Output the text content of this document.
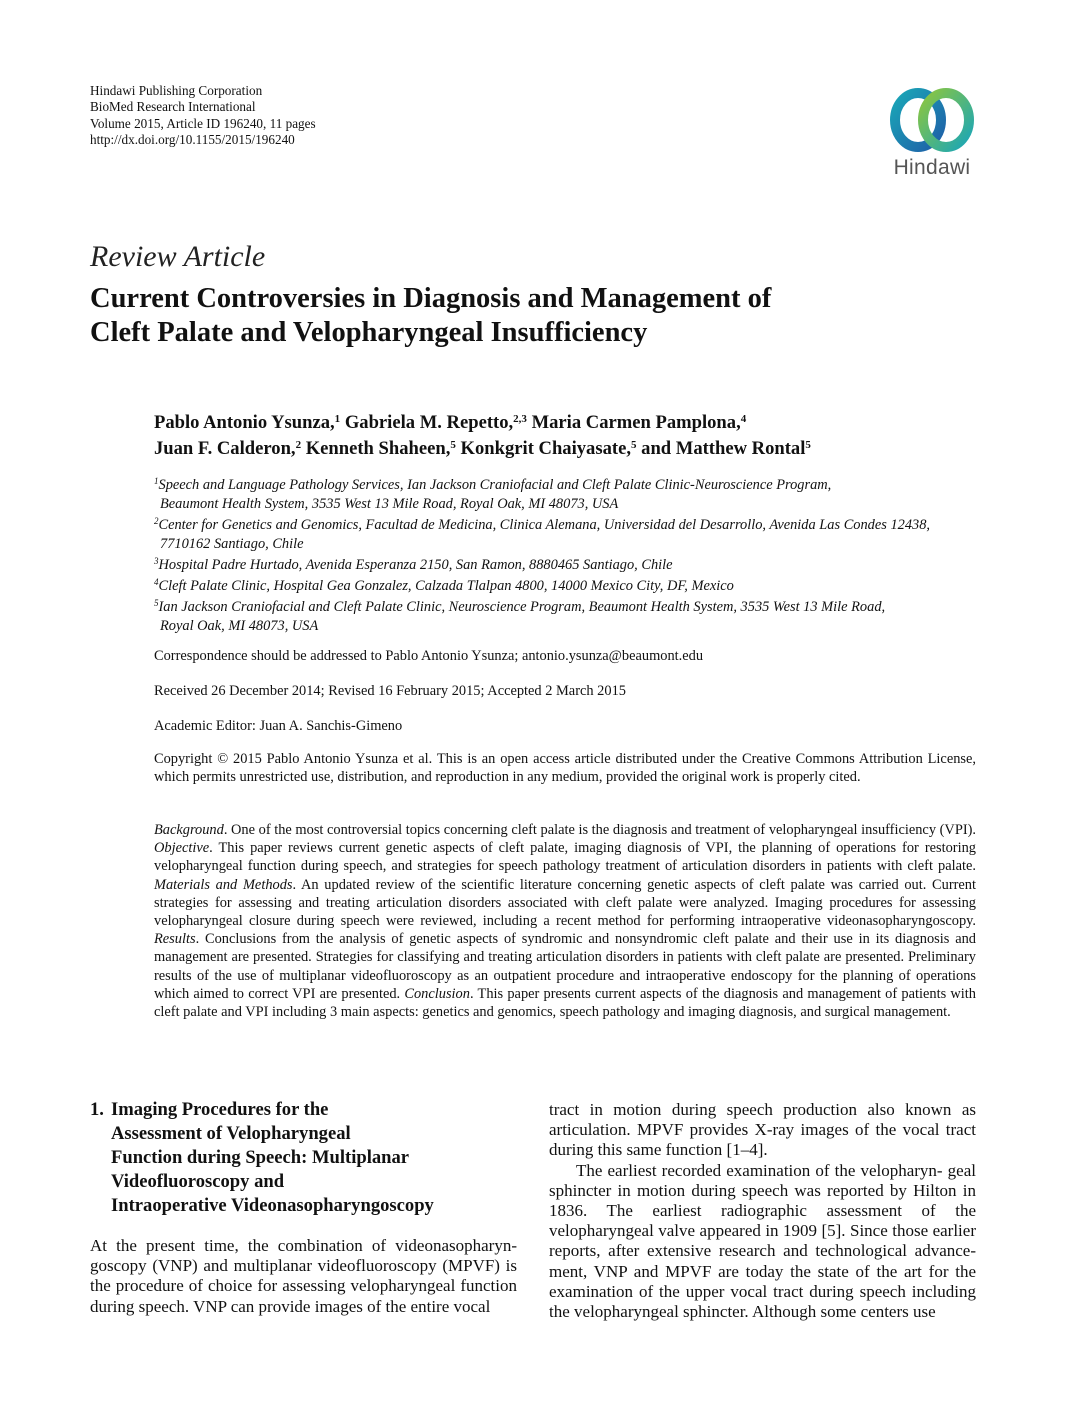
Hindawi Publishing Corporation
BioMed Research International
Volume 2015, Article ID 196240, 11 pages
http://dx.doi.org/10.1155/2015/196240
Hindawi
Review Article
Current Controversies in Diagnosis and Management of
Cleft Palate and Velopharyngeal Insufficiency
Pablo Antonio Ysunza,$^1$ Gabriela M. Repetto,$^{2,3}$ Maria Carmen Pamplona,$^4$
Juan F. Calderon,$^2$ Kenneth Shaheen,$^5$ Konkgrit Chaiyasate,$^5$ and Matthew Rontal$^5$
$^1$Speech and Language Pathology Services, Ian Jackson Craniofacial and Cleft Palate Clinic-Neuroscience Program,
Beaumont Health System, 3535 West 13 Mile Road, Royal Oak, MI 48073, USA
$^2$Center for Genetics and Genomics, Facultad de Medicina, Clinica Alemana, Universidad del Desarrollo, Avenida Las Condes 12438,
7710162 Santiago, Chile
$^3$Hospital Padre Hurtado, Avenida Esperanza 2150, San Ramon, 8880465 Santiago, Chile
$^4$Cleft Palate Clinic, Hospital Gea Gonzalez, Calzada Tlalpan 4800, 14000 Mexico City, DF, Mexico
$^5$Ian Jackson Craniofacial and Cleft Palate Clinic, Neuroscience Program, Beaumont Health System, 3535 West 13 Mile Road,
Royal Oak, MI 48073, USA
Correspondence should be addressed to Pablo Antonio Ysunza; antonio.ysunza@beaumont.edu
Received 26 December 2014; Revised 16 February 2015; Accepted 2 March 2015
Academic Editor: Juan A. Sanchis-Gimeno
Copyright © 2015 Pablo Antonio Ysunza et al. This is an open access article distributed under the Creative Commons Attribution License, which permits unrestricted use, distribution, and reproduction in any medium, provided the original work is properly cited.
Background. One of the most controversial topics concerning cleft palate is the diagnosis and treatment of velopharyngeal insufficiency (VPI). Objective. This paper reviews current genetic aspects of cleft palate, imaging diagnosis of VPI, the planning of operations for restoring velopharyngeal function during speech, and strategies for speech pathology treatment of articulation disorders in patients with cleft palate. Materials and Methods. An updated review of the scientific literature concerning genetic aspects of cleft palate was carried out. Current strategies for assessing and treating articulation disorders associated with cleft palate were analyzed. Imaging procedures for assessing velopharyngeal closure during speech were reviewed, including a recent method for performing intraoperative videonasopharyngoscopy. Results. Conclusions from the analysis of genetic aspects of syndromic and nonsyndromic cleft palate and their use in its diagnosis and management are presented. Strategies for classifying and treating articulation disorders in patients with cleft palate are presented. Preliminary results of the use of multiplanar videofluoroscopy as an outpatient procedure and intraoperative endoscopy for the planning of operations which aimed to correct VPI are presented. Conclusion. This paper presents current aspects of the diagnosis and management of patients with cleft palate and VPI including 3 main aspects: genetics and genomics, speech pathology and imaging diagnosis, and surgical management.
1. Imaging Procedures for the
Assessment of Velopharyngeal
Function during Speech: Multiplanar
Videofluoroscopy and
Intraoperative Videonasopharyngoscopy

At the present time, the combination of videonasopharyn- goscopy (VNP) and multiplanar videofluoroscopy (MPVF) is the procedure of choice for assessing velopharyngeal function during speech. VNP can provide images of the entire vocal

tract in motion during speech production also known as articulation. MPVF provides X-ray images of the vocal tract during this same function [1–4].

The earliest recorded examination of the velopharyn- geal sphincter in motion during speech was reported by Hilton in 1836. The earliest radiographic assessment of the velopharyngeal valve appeared in 1909 [5]. Since those earlier reports, after extensive research and technological advance- ment, VNP and MPVF are today the state of the art for the examination of the upper vocal tract during speech including the velopharyngeal sphincter. Although some centers use
